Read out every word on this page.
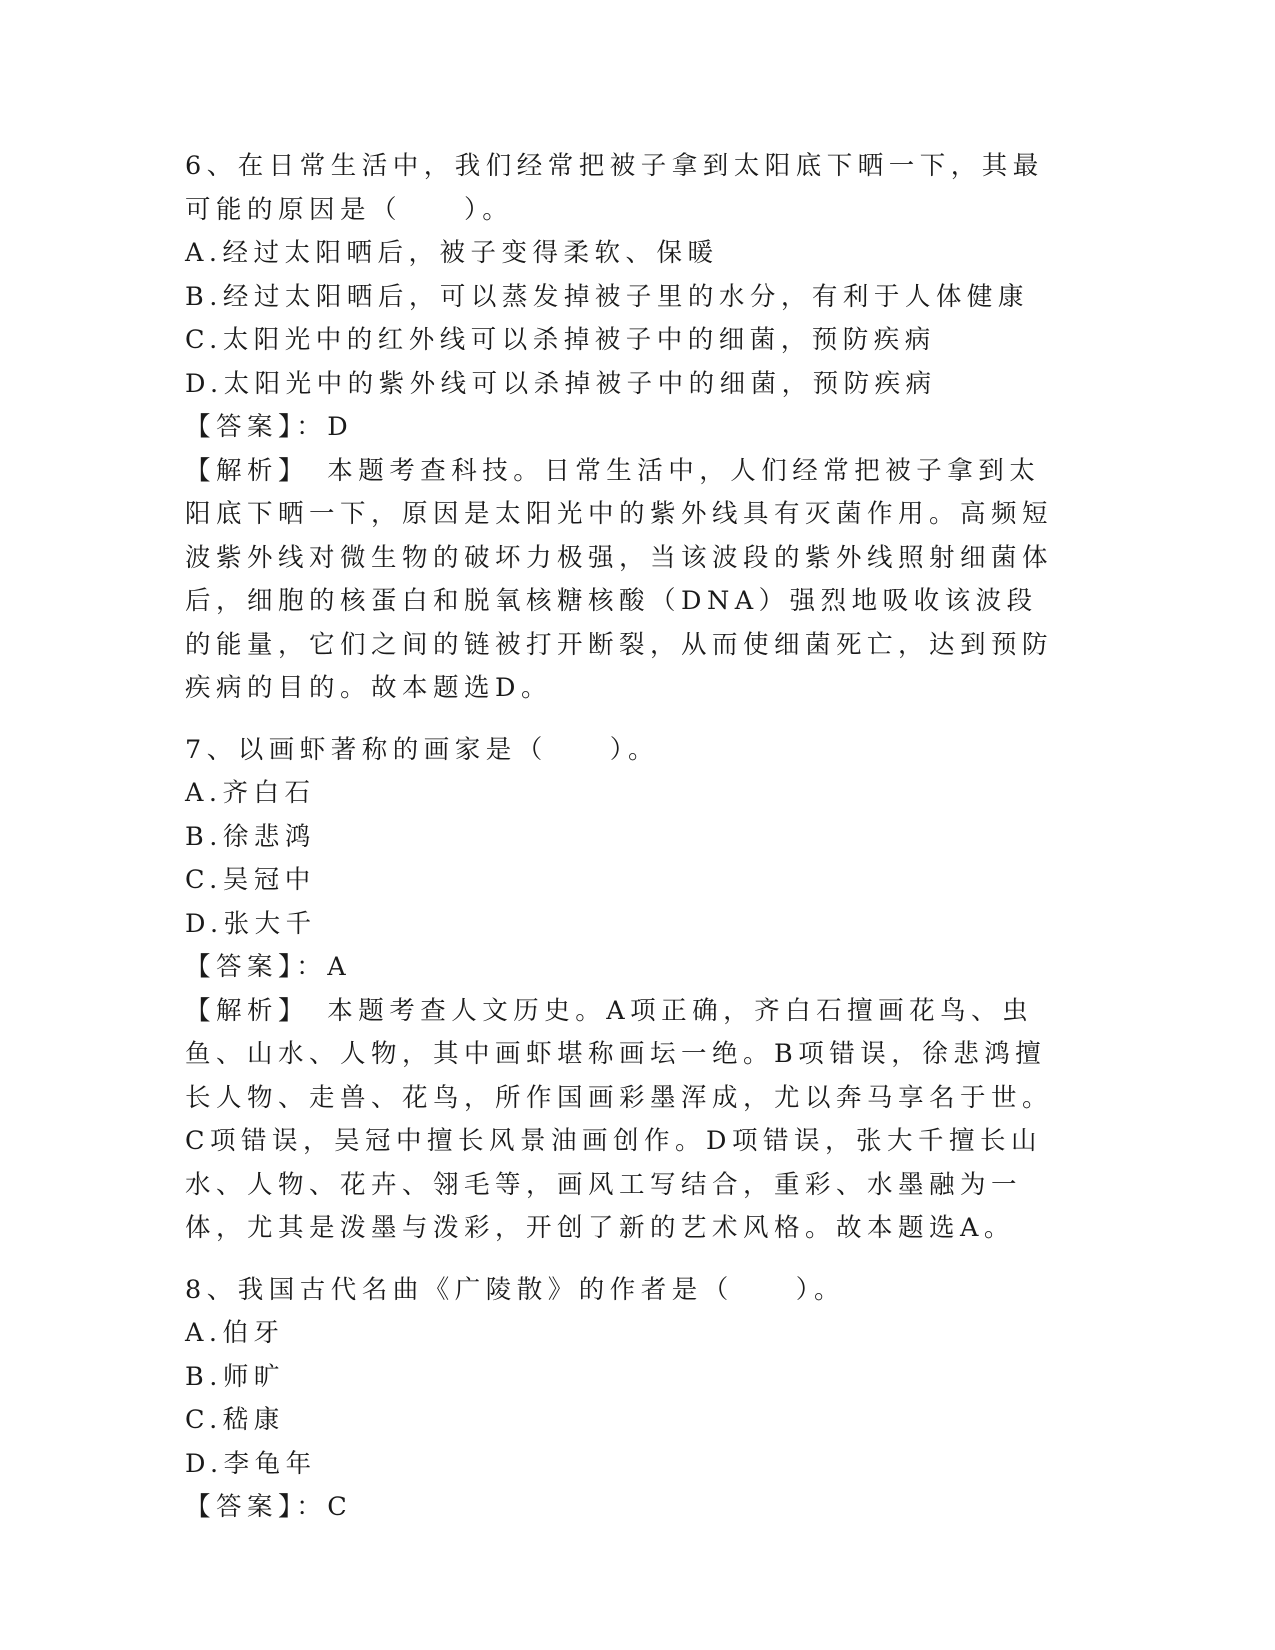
6、在日常生活中，我们经常把被子拿到太阳底下晒一下，其最可能的原因是（　　）。
A.经过太阳晒后，被子变得柔软、保暖
B.经过太阳晒后，可以蒸发掉被子里的水分，有利于人体健康
C.太阳光中的红外线可以杀掉被子中的细菌，预防疾病
D.太阳光中的紫外线可以杀掉被子中的细菌，预防疾病
【答案】：D
【解析】　本题考查科技。日常生活中，人们经常把被子拿到太阳底下晒一下，原因是太阳光中的紫外线具有灭菌作用。高频短波紫外线对微生物的破坏力极强，当该波段的紫外线照射细菌体后，细胞的核蛋白和脱氧核糖核酸（DNA）强烈地吸收该波段的能量，它们之间的链被打开断裂，从而使细菌死亡，达到预防疾病的目的。故本题选D。
7、以画虾著称的画家是（　　）。
A.齐白石
B.徐悲鸿
C.吴冠中
D.张大千
【答案】：A
【解析】　本题考查人文历史。A项正确，齐白石擅画花鸟、虫鱼、山水、人物，其中画虾堪称画坛一绝。B项错误，徐悲鸿擅长人物、走兽、花鸟，所作国画彩墨浑成，尤以奔马享名于世。C项错误，吴冠中擅长风景油画创作。D项错误，张大千擅长山水、人物、花卉、翎毛等，画风工写结合，重彩、水墨融为一体，尤其是泼墨与泼彩，开创了新的艺术风格。故本题选A。
8、我国古代名曲《广陵散》的作者是（　　）。
A.伯牙
B.师旷
C.嵇康
D.李龟年
【答案】：C
